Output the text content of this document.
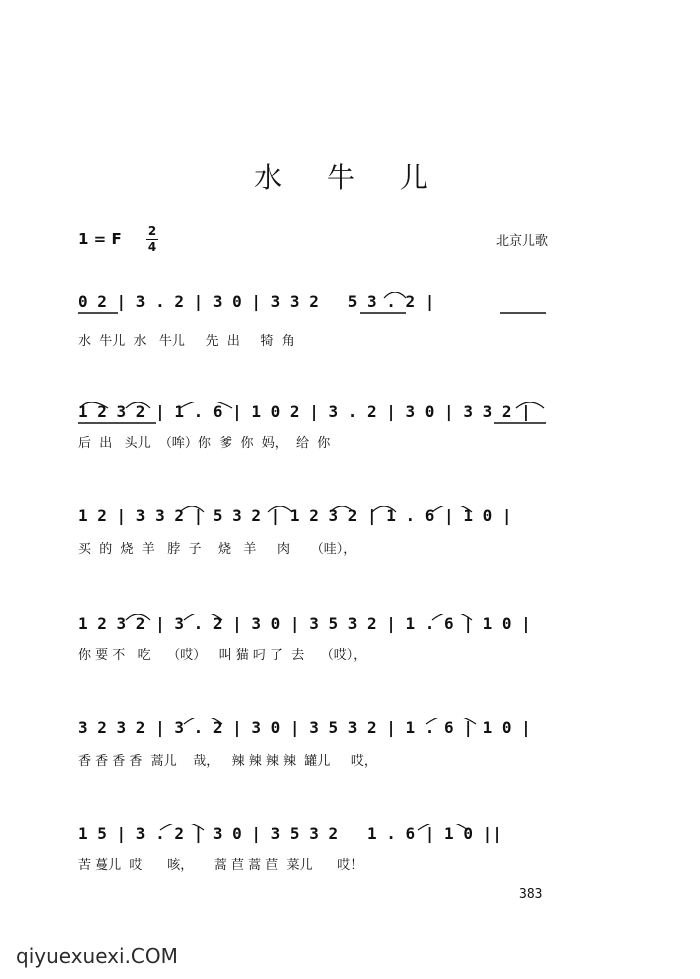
水 牛 儿
1 = F 2
4	北京儿歌
0 2 | 3 . 2 | 3 0 | 3 3 2   5 3 . 2 |
水  牛儿  水   牛儿     先  出     犄  角
1 2 3 2 | 1 . 6 | 1 0 2 | 3 . 2 | 3 0 | 3 3 2 |
后  出   头儿  （哞）你  爹  你  妈，  给  你
1 2 | 3 3 2 | 5 3 2 | 1 2 3 2 | 1 . 6 | 1 0 |
买  的  烧  羊   脖  子    烧   羊     肉     （哇），
1 2 3 2 | 3 . 2 | 3 0 | 3 5 3 2 | 1 . 6 | 1 0 |
你 要 不   吃    （哎）   叫 猫 叼 了  去    （哎），
3 2 3 2 | 3 . 2 | 3 0 | 3 5 3 2 | 1 . 6 | 1 0 |
香 香 香 香  蒿儿    哉，   辣 辣 辣 辣  罐儿     哎，
1 5 | 3 . 2 | 3 0 | 3 5 3 2   1 . 6 | 1 0 ||
苦 蔓儿  哎      咳，     蒿 苣 蒿 苣  菜儿      哎！
383
qiyuexuexi.COM
